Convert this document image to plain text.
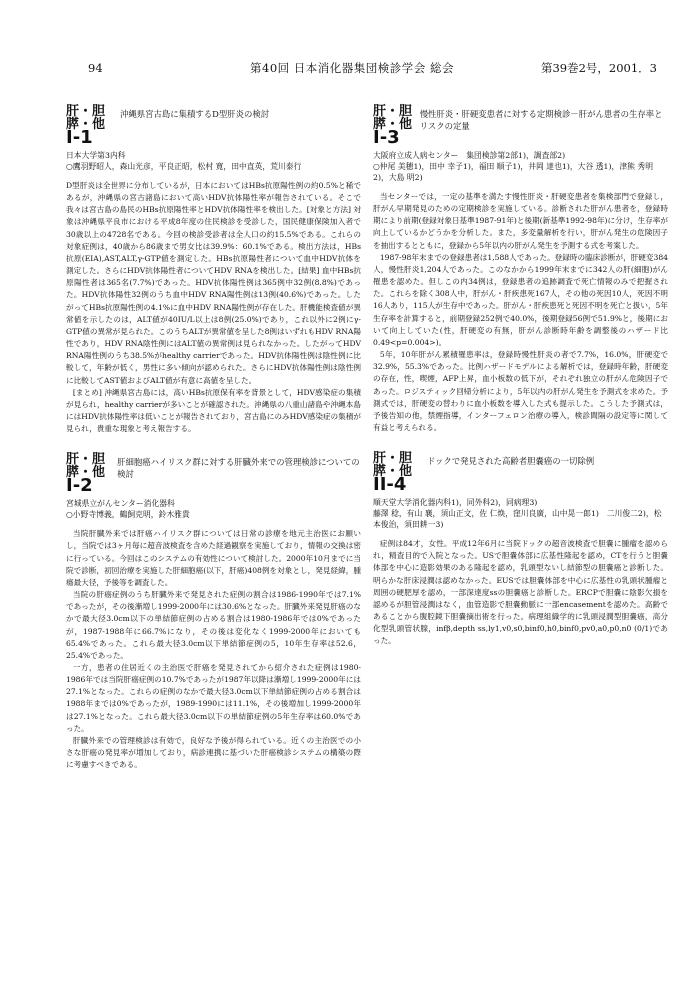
94	第40回 日本消化器集団検診学会 総会	第39巻2号，2001．3
肝・胆
膵・他 I-1
沖縄県宮古島に集積するD型肝炎の検討
日本大学第3内科
○鷹羽野昭人，森山光彦，平良正昭，松村 寛，田中直英，荒川泰行

D型肝炎は全世界に分布しているが，日本においてはHBs抗原陽性例の約0.5%と稀であるが，沖縄県の宮古諸島において高いHDV抗体陽性率が報告されている。そこで我々は宮古島の島民のHBs抗原陽性率とHDV抗体陽性率を検出した。[対象と方法] 対象は沖縄県平良市における平成8年度の住民検診を受診した，国民健康保険加入者で30歳以上の4728名である。今回の検診受診者は全人口の約15.5%である。これらの対象症例は，40歳から86歳まで男女比は39.9%：60.1%である。検出方法は，HBs抗原(EIA),AST,ALT,γ-GTP値を測定した。HBs抗原陽性者について血中HDV抗体を測定した。さらにHDV抗体陽性者についてHDV RNAを検出した。[結果] 血中HBs抗原陽性者は365名(7.7%)であった。HDV抗体陽性例は365例中32例(8.8%)であった。HDV抗体陽性32例のうち血中HDV RNA陽性例は13例(40.6%)であった。したがってHBs抗原陽性例の4.1%に血中HDV RNA陽性例が存在した。肝機能検査値が異常値を示したのは，ALT値が40IU/L以上は8例(25.0%)であり，これ以外に2例にγ-GTP値の異常が見られた。このうちALTが異常値を呈した8例はいずれもHDV RNA陽性であり，HDV RNA陰性例にはALT値の異常例は見られなかった。したがってHDV RNA陽性例のうち38.5%がhealthy carrierであった。HDV抗体陽性例は陰性例に比較して，年齢が低く，男性に多い傾向が認められた。さらにHDV抗体陽性例は陰性例に比較してAST値およびALT値が有意に高値を呈した。

[まとめ] 沖縄県宮古島には，高いHBs抗原保有率を背景として，HDV感染症の集積が見られ，healthy carrierが多いことが確認された。沖縄県の八重山諸島や沖縄本島にはHDV抗体陽性率は低いことが報告されており，宮古島にのみHDV感染症の集積が見られ，貴重な現象と考え報告する。

肝・胆
膵・他 I-2
肝細胞癌ハイリスク群に対する肝臓外来での管理検診についての検討
宮城県立がんセンター消化器科
○小野寺博義，鶴飼克明，鈴木雅貴

当院肝臓外来では肝癌ハイリスク群については日常の診療を地元主治医にお願いし，当院では3ヶ月毎に超音波検査を含めた経過観察を実施しており，情報の交換は密に行っている。今回はこのシステムの有効性について検討した。2000年10月までに当院で診断，初回治療を実施した肝細胞癌(以下，肝癌)408例を対象とし，発見経緯，腫瘍最大径，予後等を調査した。

当院の肝癌症例のうち肝臓外来で発見された症例の割合は1986-1990年では7.1%であったが，その後漸増し1999-2000年には30.6%となった。肝臓外来発見肝癌のなかで最大径3.0cm以下の単結節症例の占める割合は1980-1986年では0%であったが，1987-1988年に66.7%になり，その後は変化なく1999-2000年においても65.4%であった。これら最大径3.0cm以下単結節症例の5，10年生存率は52.6，25.4%であった。

一方，患者の住居近くの主治医で肝癌を発見されてから紹介された症例は1980-1986年では当院肝癌症例の10.7%であったが1987年以降は漸増し1999-2000年には27.1%となった。これらの症例のなかで最大径3.0cm以下単結節症例の占める割合は1988年までは0%であったが，1989-1990には11.1%，その後増加し1999-2000年は27.1%となった。これら最大径3.0cm以下の単結節症例の5年生存率は60.0%であった。

肝臓外来での管理検診は有効で，良好な予後が得られている。近くの主治医での小さな肝癌の発見率が増加しており，病診連携に基づいた肝癌検診システムの構築の際に考慮すべきである。

肝・胆
膵・他 I-3
慢性肝炎・肝硬変患者に対する定期検診－肝がん患者の生存率とリスクの定量
大阪府立成人病センター　集団検診第2部1)，調査部2)
○仲尾 美穂1)，田中 幸子1)，福田 順子1)，井岡 達也1)，大谷 透1)，津熊 秀明2)，大島 明2)

当センターでは，一定の基準を満たす慢性肝炎・肝硬変患者を集検部門で登録し，肝がん早期発見のための定期検診を実施している。診断された肝がん患者を，登録時期により前期(登録対象日基準1987-91年)と後期(新基準1992-98年)に分け，生存率が向上しているかどうかを分析した。また，多変量解析を行い，肝がん発生の危険因子を抽出するとともに，登録から5年以内の肝がん発生を予測する式を考案した。

1987-98年末までの登録患者は1,588人であった。登録時の臨床診断が，肝硬変384人，慢性肝炎1,204人であった。このなかから1999年末までに342人の肝(細胞)がん罹患を認めた。但しこの内34例は，登録患者の追跡調査で死亡情報のみで把握された。これらを除く308人中，肝がん・肝疾患死167人，その他の死因10人，死因不明16人あり，115人が生存中であった。肝がん・肝疾患死と死因不明を死亡と扱い，5年生存率を計算すると，前期登録252例で40.0%，後期登録56例で51.9%と，後期において向上していた(性，肝硬変の有無，肝がん診断時年齢を調整後のハザード比0.49<p=0.004>)。

5年，10年肝がん累積罹患率は，登録時慢性肝炎の者で7.7%，16.0%，肝硬変で32.9%，55.3%であった。比例ハザードモデルによる解析では，登録時年齢，肝硬変の存在，性，喫煙，AFP上昇，血小板数の低下が，それぞれ独立の肝がん危険因子であった。ロジスティック回帰分析により，5年以内の肝がん発生を予測式を求めた。予測式では，肝硬変の替わりに血小板数を導入した式も提示した。こうした予測式は，予後告知の他，禁煙指導，インターフェロン治療の導入，検診間隔の設定等に関して有益と考えられる。

肝・胆
膵・他 II-4
ドックで発見された高齢者胆嚢癌の一切除例
順天堂大学消化器内科1)，同外科2)，同病理3)
藤澤 稔，有山 襄，須山正文，佐 仁焕，窪川良廣，山中晃一郎1)　二川俊二2)，松本俊治，須田耕一3)

症例は84才，女性。平成12年6月に当院ドックの超音波検査で胆嚢に腫瘤を認められ，精査目的で入院となった。USで胆嚢体部に広基性隆起を認め，CTを行うと胆嚢体部を中心に造影効果のある隆起を認め，乳頭型ないし結節型の胆嚢癌と診断した。明らかな肝床浸潤は認めなかった。EUSでは胆嚢体部を中心に広基性の乳頭状腫瘤と周囲の硬肥厚を認め，一部深達度ssの胆嚢癌と診断した。ERCPで胆嚢に陰影欠損を認めるが胆管浸潤はなく，血管造影で胆嚢動脈に一部encasementを認めた。高齢であることから腹腔鏡下胆嚢摘出術を行った。病理組織学的に乳頭浸潤型胆嚢癌，高分化型乳頭管状腺，infβ,depth ss,ly1,v0,s0,binf0,h0,binf0,pv0,a0,p0,n0 (0/1)であった。
